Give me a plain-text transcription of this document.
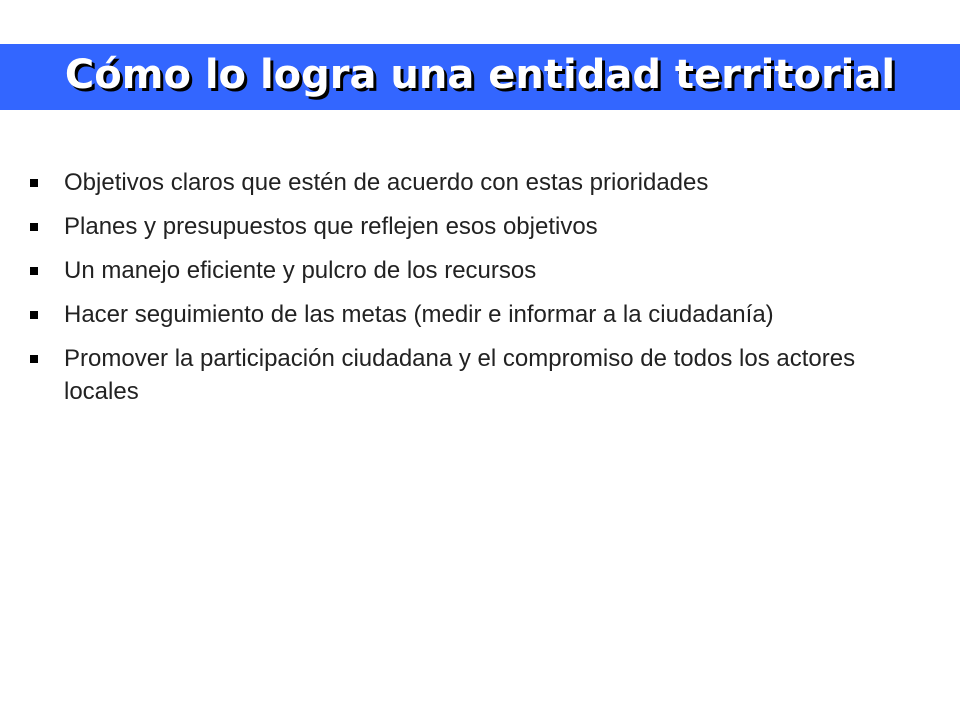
Cómo lo logra una entidad territorial
Objetivos claros que estén de acuerdo con estas prioridades
Planes y presupuestos que reflejen esos objetivos
Un manejo eficiente y pulcro de los recursos
Hacer seguimiento de las metas (medir e informar a la ciudadanía)
Promover la participación ciudadana y el compromiso de todos los actores locales
